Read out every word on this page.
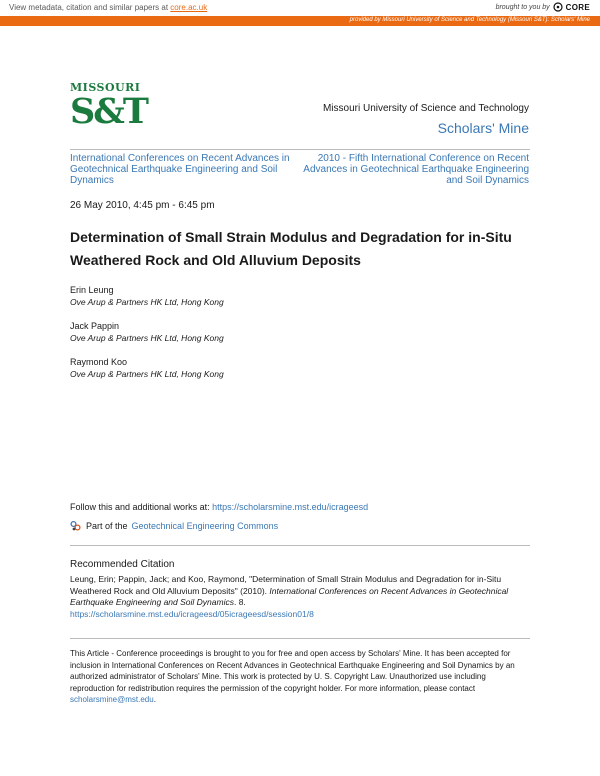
View metadata, citation and similar papers at core.ac.uk	brought to you by CORE
provided by Missouri University of Science and Technology (Missouri S&T): Scholars' Mine
MISSOURI
S&T	Missouri University of Science and Technology
Scholars' Mine
International Conferences on Recent Advances in Geotechnical Earthquake Engineering and Soil Dynamics
2010 - Fifth International Conference on Recent Advances in Geotechnical Earthquake Engineering and Soil Dynamics
26 May 2010, 4:45 pm - 6:45 pm
Determination of Small Strain Modulus and Degradation for in-Situ Weathered Rock and Old Alluvium Deposits
Erin Leung
Ove Arup & Partners HK Ltd, Hong Kong
Jack Pappin
Ove Arup & Partners HK Ltd, Hong Kong
Raymond Koo
Ove Arup & Partners HK Ltd, Hong Kong
Follow this and additional works at: https://scholarsmine.mst.edu/icrageesd
Part of the Geotechnical Engineering Commons
Recommended Citation
Leung, Erin; Pappin, Jack; and Koo, Raymond, "Determination of Small Strain Modulus and Degradation for in-Situ Weathered Rock and Old Alluvium Deposits" (2010). International Conferences on Recent Advances in Geotechnical Earthquake Engineering and Soil Dynamics. 8.
https://scholarsmine.mst.edu/icrageesd/05icrageesd/session01/8
This Article - Conference proceedings is brought to you for free and open access by Scholars' Mine. It has been accepted for inclusion in International Conferences on Recent Advances in Geotechnical Earthquake Engineering and Soil Dynamics by an authorized administrator of Scholars' Mine. This work is protected by U. S. Copyright Law. Unauthorized use including reproduction for redistribution requires the permission of the copyright holder. For more information, please contact scholarsmine@mst.edu.
